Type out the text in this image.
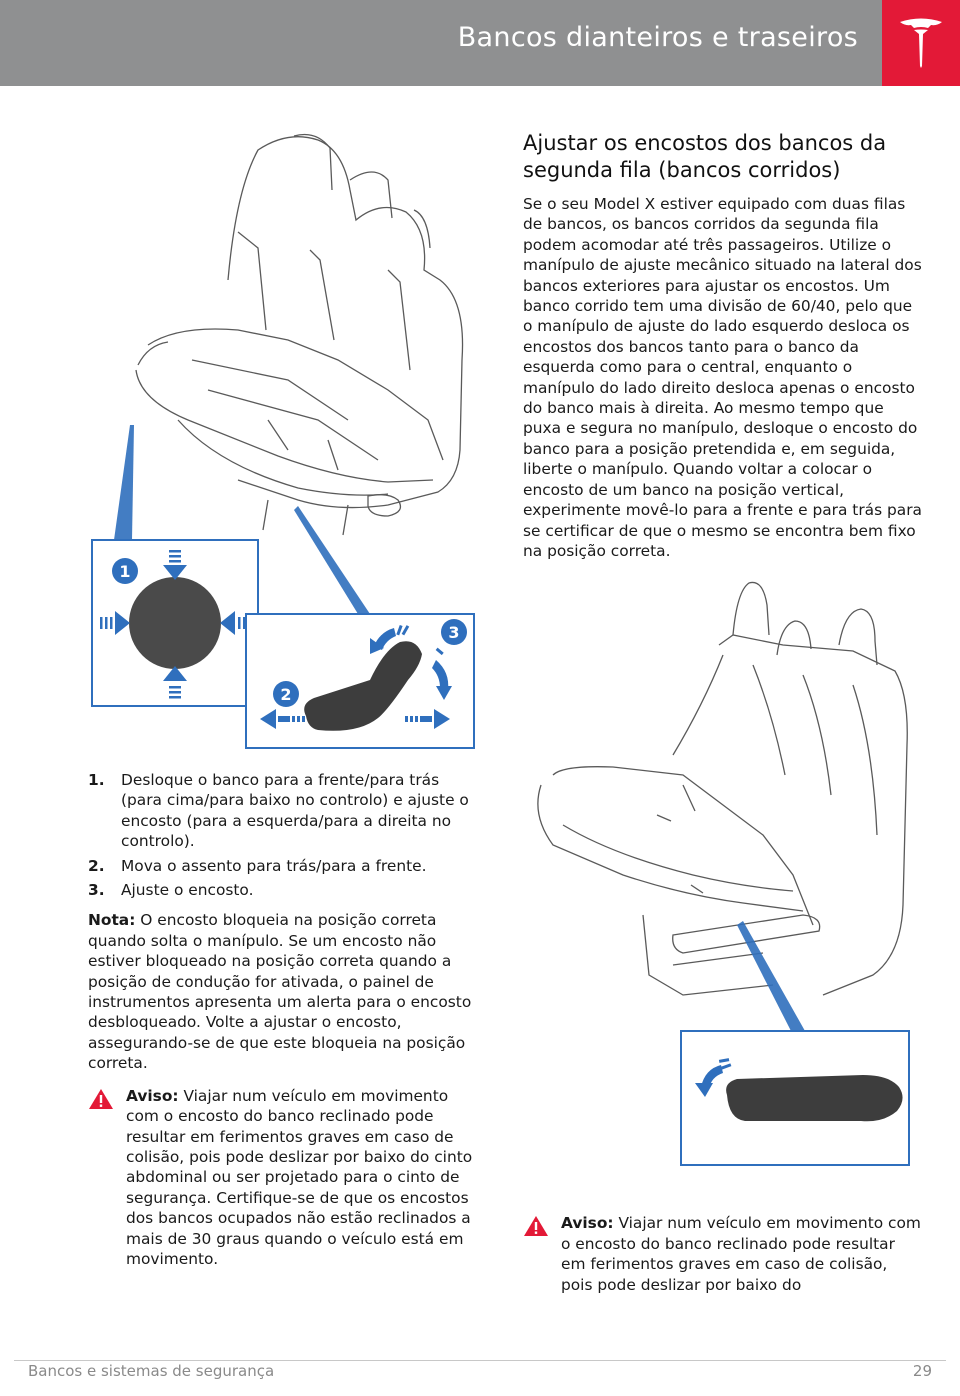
Bancos dianteiros e traseiros
1
2
3
1. Desloque o banco para a frente/para trás (para cima/para baixo no controlo) e ajuste o encosto (para a esquerda/para a direita no controlo).
2. Mova o assento para trás/para a frente.
3. Ajuste o encosto.

Nota: O encosto bloqueia na posição correta quando solta o manípulo. Se um encosto não estiver bloqueado na posição correta quando a posição de condução for ativada, o painel de instrumentos apresenta um alerta para o encosto desbloqueado. Volte a ajustar o encosto, assegurando-se de que este bloqueia na posição correta.

Aviso: Viajar num veículo em movimento com o encosto do banco reclinado pode resultar em ferimentos graves em caso de colisão, pois pode deslizar por baixo do cinto abdominal ou ser projetado para o cinto de segurança. Certifique-se de que os encostos dos bancos ocupados não estão reclinados a mais de 30 graus quando o veículo está em movimento.

Ajustar os encostos dos bancos da segunda fila (bancos corridos)

Se o seu Model X estiver equipado com duas filas de bancos, os bancos corridos da segunda fila podem acomodar até três passageiros. Utilize o manípulo de ajuste mecânico situado na lateral dos bancos exteriores para ajustar os encostos. Um banco corrido tem uma divisão de 60/40, pelo que o manípulo de ajuste do lado esquerdo desloca os encostos dos bancos tanto para o banco da esquerda como para o central, enquanto o manípulo do lado direito desloca apenas o encosto do banco mais à direita. Ao mesmo tempo que puxa e segura no manípulo, desloque o encosto do banco para a posição pretendida e, em seguida, liberte o manípulo. Quando voltar a colocar o encosto de um banco na posição vertical, experimente movê-lo para a frente e para trás para se certificar de que o mesmo se encontra bem fixo na posição correta.

Aviso: Viajar num veículo em movimento com o encosto do banco reclinado pode resultar em ferimentos graves em caso de colisão, pois pode deslizar por baixo do

Bancos e sistemas de segurança	29
